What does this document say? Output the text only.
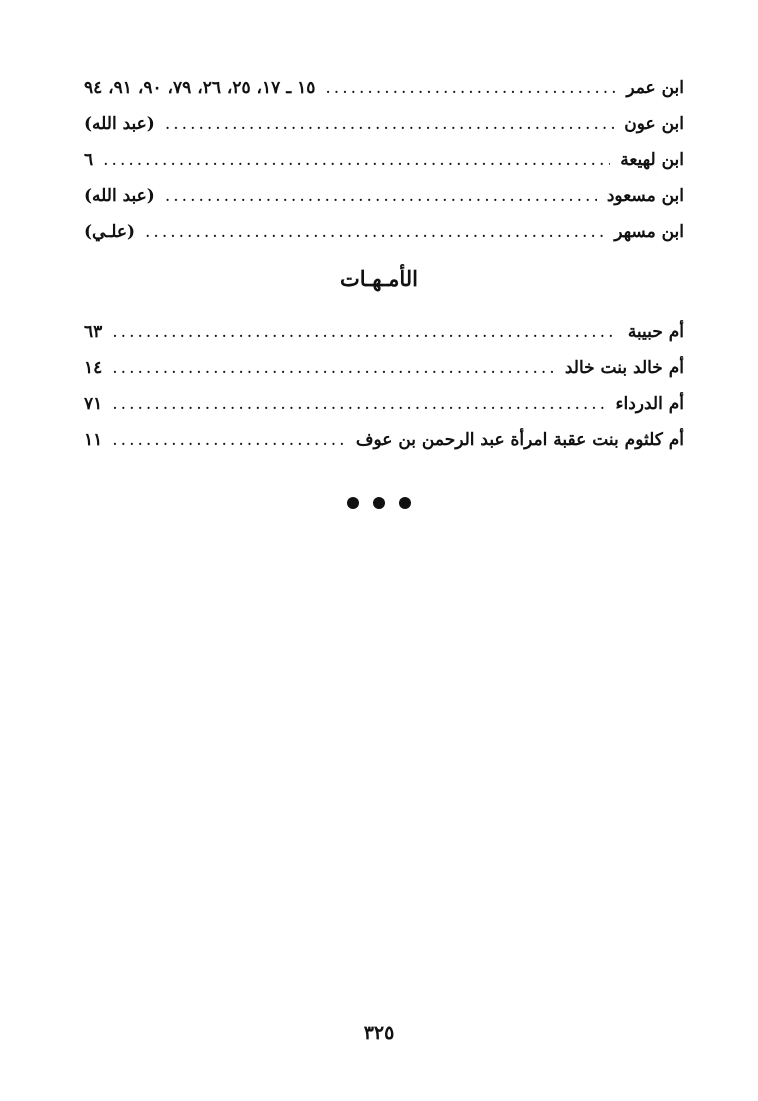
ابن عمر
.....
١٥ ـ ١٧، ٢٥، ٢٦، ٧٩، ٩٠، ٩١، ٩٤
ابن عون
.....
(عبد الله)
ابن لهيعة
.....
٦
ابن مسعود
.....
(عبد الله)
ابن مسهر
.....
(علـي)
الأمـهـات
أم حبيبة
.....
٦٣
أم خالد بنت خالد
.....
١٤
أم الدرداء
.....
٧١
أم كلثوم بنت عقبة امرأة عبد الرحمن بن عوف
.....
١١
٣٢٥
